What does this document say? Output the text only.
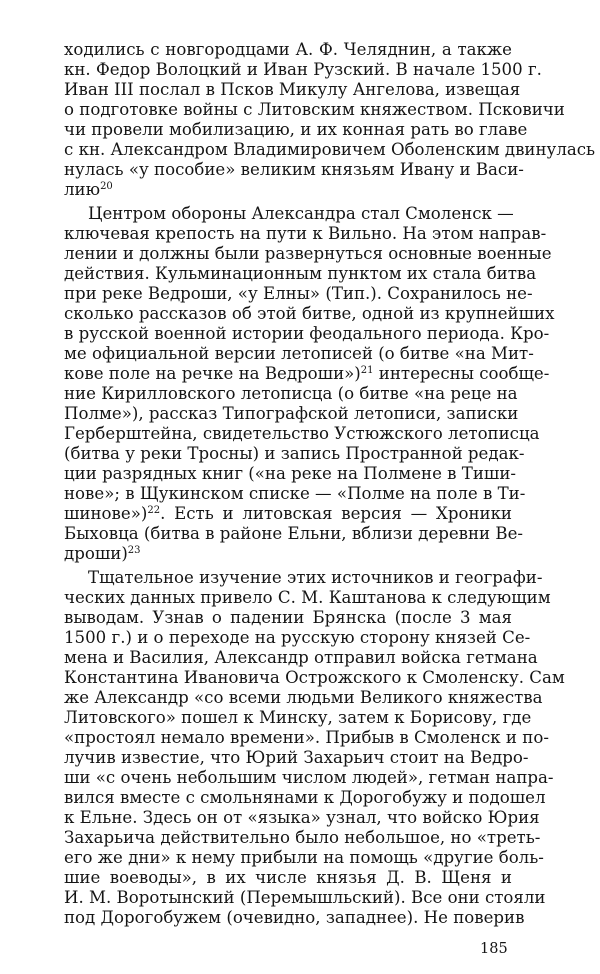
ходились с новгородцами А. Ф. Челяднин, а также
кн. Федор Волоцкий и Иван Рузский. В начале 1500 г.
Иван III послал в Псков Микулу Ангелова, извещая
о подготовке войны с Литовским княжеством. Псковичи
чи провели мобилизацию, и их конная рать во главе
с кн. Александром Владимировичем Оболенским двинулась
нулась «у пособие» великим князьям Ивану и Васи-
лию$^{20}$
Центром обороны Александра стал Смоленск —
ключевая крепость на пути к Вильно. На этом направ-
лении и должны были развернуться основные военные
действия. Кульминационным пунктом их стала битва
при реке Ведроши, «у Елны» (Тип.). Сохранилось не-
сколько рассказов об этой битве, одной из крупнейших
в русской военной истории феодального периода. Кро-
ме официальной версии летописей (о битве «на Мит-
кове поле на речке на Ведроши»)$^{21}$ интересны сообще-
ние Кирилловского летописца (о битве «на реце на
Полме»), рассказ Типографской летописи, записки
Герберштейна, свидетельство Устюжского летописца
(битва у реки Тросны) и запись Пространной редак-
ции разрядных книг («на реке на Полмене в Тиши-
нове»; в Щукинском списке — «Полме на поле в Ти-
шинове»)$^{22}$. Есть и литовская версия — Хроники
Быховца (битва в районе Ельни, вблизи деревни Ве-
дроши)$^{23}$
Тщательное изучение этих источников и географи-
ческих данных привело С. М. Каштанова к следующим
выводам. Узнав о падении Брянска (после 3 мая
1500 г.) и о переходе на русскую сторону князей Се-
мена и Василия, Александр отправил войска гетмана
Константина Ивановича Острожского к Смоленску. Сам
же Александр «со всеми людьми Великого княжества
Литовского» пошел к Минску, затем к Борисову, где
«простоял немало времени». Прибыв в Смоленск и по-
лучив известие, что Юрий Захарьич стоит на Ведро-
ши «с очень небольшим числом людей», гетман напра-
вился вместе с смольнянами к Дорогобужу и подошел
к Ельне. Здесь он от «языка» узнал, что войско Юрия
Захарьича действительно было небольшое, но «треть-
его же дни» к нему прибыли на помощь «другие боль-
шие воеводы», в их числе князья Д. В. Щеня и
И. М. Воротынский (Перемышльский). Все они стояли
под Дорогобужем (очевидно, западнее). Не поверив
185
